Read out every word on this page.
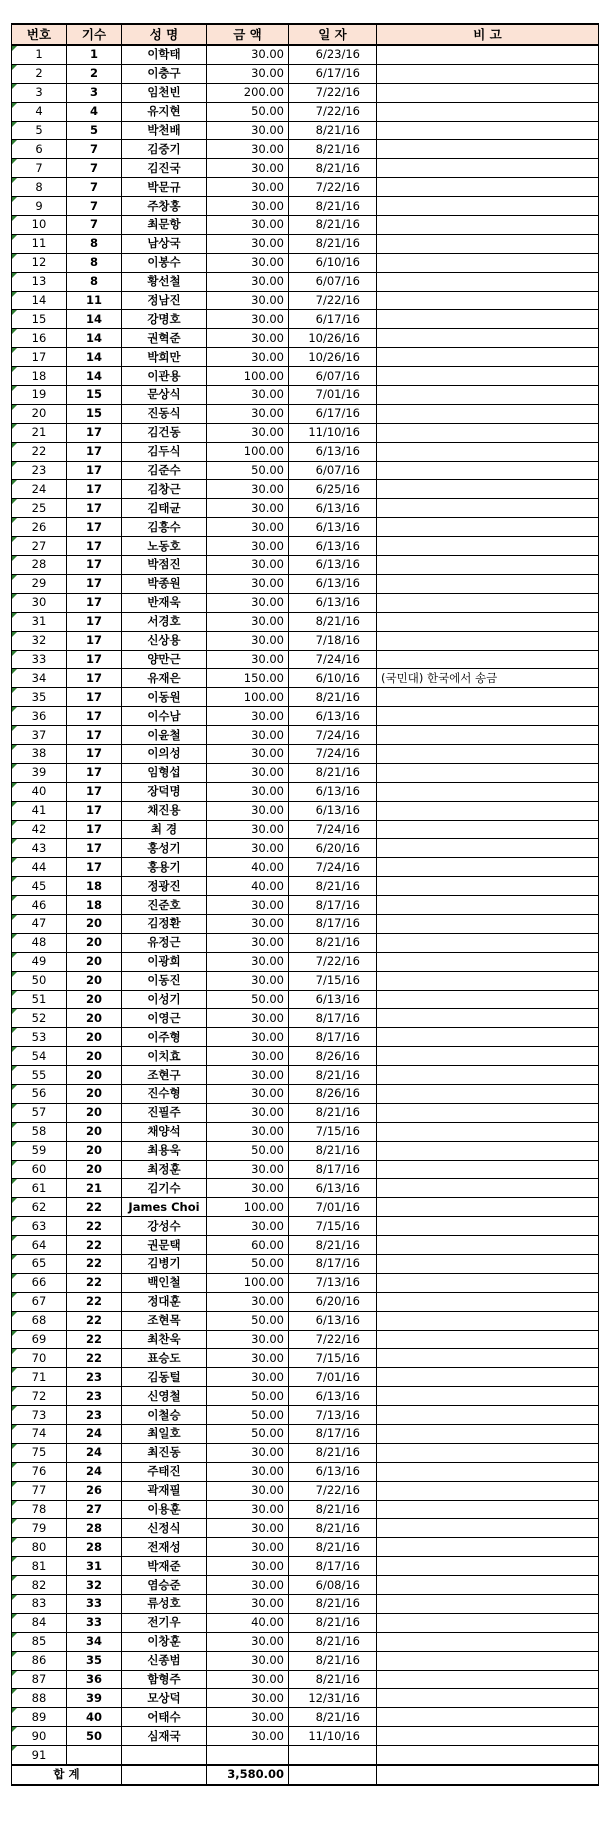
번호	기수	성 명	금 액	일 자	비 고
1	1	이학태	30.00	6/23/16	
2	2	이충구	30.00	6/17/16	
3	3	임천빈	200.00	7/22/16	
4	4	유지현	50.00	7/22/16	
5	5	박천배	30.00	8/21/16	
6	7	김중기	30.00	8/21/16	
7	7	김진국	30.00	8/21/16	
8	7	박문규	30.00	7/22/16	
9	7	주창홍	30.00	8/21/16	
10	7	최문항	30.00	8/21/16	
11	8	남상국	30.00	8/21/16	
12	8	이봉수	30.00	6/10/16	
13	8	황선철	30.00	6/07/16	
14	11	정남진	30.00	7/22/16	
15	14	강명호	30.00	6/17/16	
16	14	권혁준	30.00	10/26/16	
17	14	박희만	30.00	10/26/16	
18	14	이관용	100.00	6/07/16	
19	15	문상식	30.00	7/01/16	
20	15	진동식	30.00	6/17/16	
21	17	김건동	30.00	11/10/16	
22	17	김두식	100.00	6/13/16	
23	17	김준수	50.00	6/07/16	
24	17	김창근	30.00	6/25/16	
25	17	김태균	30.00	6/13/16	
26	17	김흥수	30.00	6/13/16	
27	17	노동호	30.00	6/13/16	
28	17	박점진	30.00	6/13/16	
29	17	박종원	30.00	6/13/16	
30	17	반재욱	30.00	6/13/16	
31	17	서경호	30.00	8/21/16	
32	17	신상용	30.00	7/18/16	
33	17	양만근	30.00	7/24/16	
34	17	유재은	150.00	6/10/16	(국민대) 한국에서 송금
35	17	이동원	100.00	8/21/16	
36	17	이수남	30.00	6/13/16	
37	17	이윤철	30.00	7/24/16	
38	17	이의성	30.00	7/24/16	
39	17	임형섭	30.00	8/21/16	
40	17	장덕명	30.00	6/13/16	
41	17	채진용	30.00	6/13/16	
42	17	최 경	30.00	7/24/16	
43	17	홍성기	30.00	6/20/16	
44	17	홍용기	40.00	7/24/16	
45	18	정광진	40.00	8/21/16	
46	18	진준호	30.00	8/17/16	
47	20	김정환	30.00	8/17/16	
48	20	유정근	30.00	8/21/16	
49	20	이광희	30.00	7/22/16	
50	20	이동진	30.00	7/15/16	
51	20	이성기	50.00	6/13/16	
52	20	이영근	30.00	8/17/16	
53	20	이주형	30.00	8/17/16	
54	20	이치효	30.00	8/26/16	
55	20	조현구	30.00	8/21/16	
56	20	진수형	30.00	8/26/16	
57	20	진필주	30.00	8/21/16	
58	20	채양석	30.00	7/15/16	
59	20	최용욱	50.00	8/21/16	
60	20	최정훈	30.00	8/17/16	
61	21	김기수	30.00	6/13/16	
62	22	James Choi	100.00	7/01/16	
63	22	강성수	30.00	7/15/16	
64	22	권문택	60.00	8/21/16	
65	22	김병기	50.00	8/17/16	
66	22	백인철	100.00	7/13/16	
67	22	정대훈	30.00	6/20/16	
68	22	조현목	50.00	6/13/16	
69	22	최찬욱	30.00	7/22/16	
70	22	표승도	30.00	7/15/16	
71	23	김동털	30.00	7/01/16	
72	23	신영철	50.00	6/13/16	
73	23	이철승	50.00	7/13/16	
74	24	최일호	50.00	8/17/16	
75	24	최진동	30.00	8/21/16	
76	24	주태진	30.00	6/13/16	
77	26	곽재필	30.00	7/22/16	
78	27	이용훈	30.00	8/21/16	
79	28	신정식	30.00	8/21/16	
80	28	전재성	30.00	8/21/16	
81	31	박재준	30.00	8/17/16	
82	32	염승준	30.00	6/08/16	
83	33	류성호	30.00	8/21/16	
84	33	전기우	40.00	8/21/16	
85	34	이창훈	30.00	8/21/16	
86	35	신종범	30.00	8/21/16	
87	36	함형주	30.00	8/21/16	
88	39	모상덕	30.00	12/31/16	
89	40	어태수	30.00	8/21/16	
90	50	심재국	30.00	11/10/16	
91					
합 계			3,580.00		
